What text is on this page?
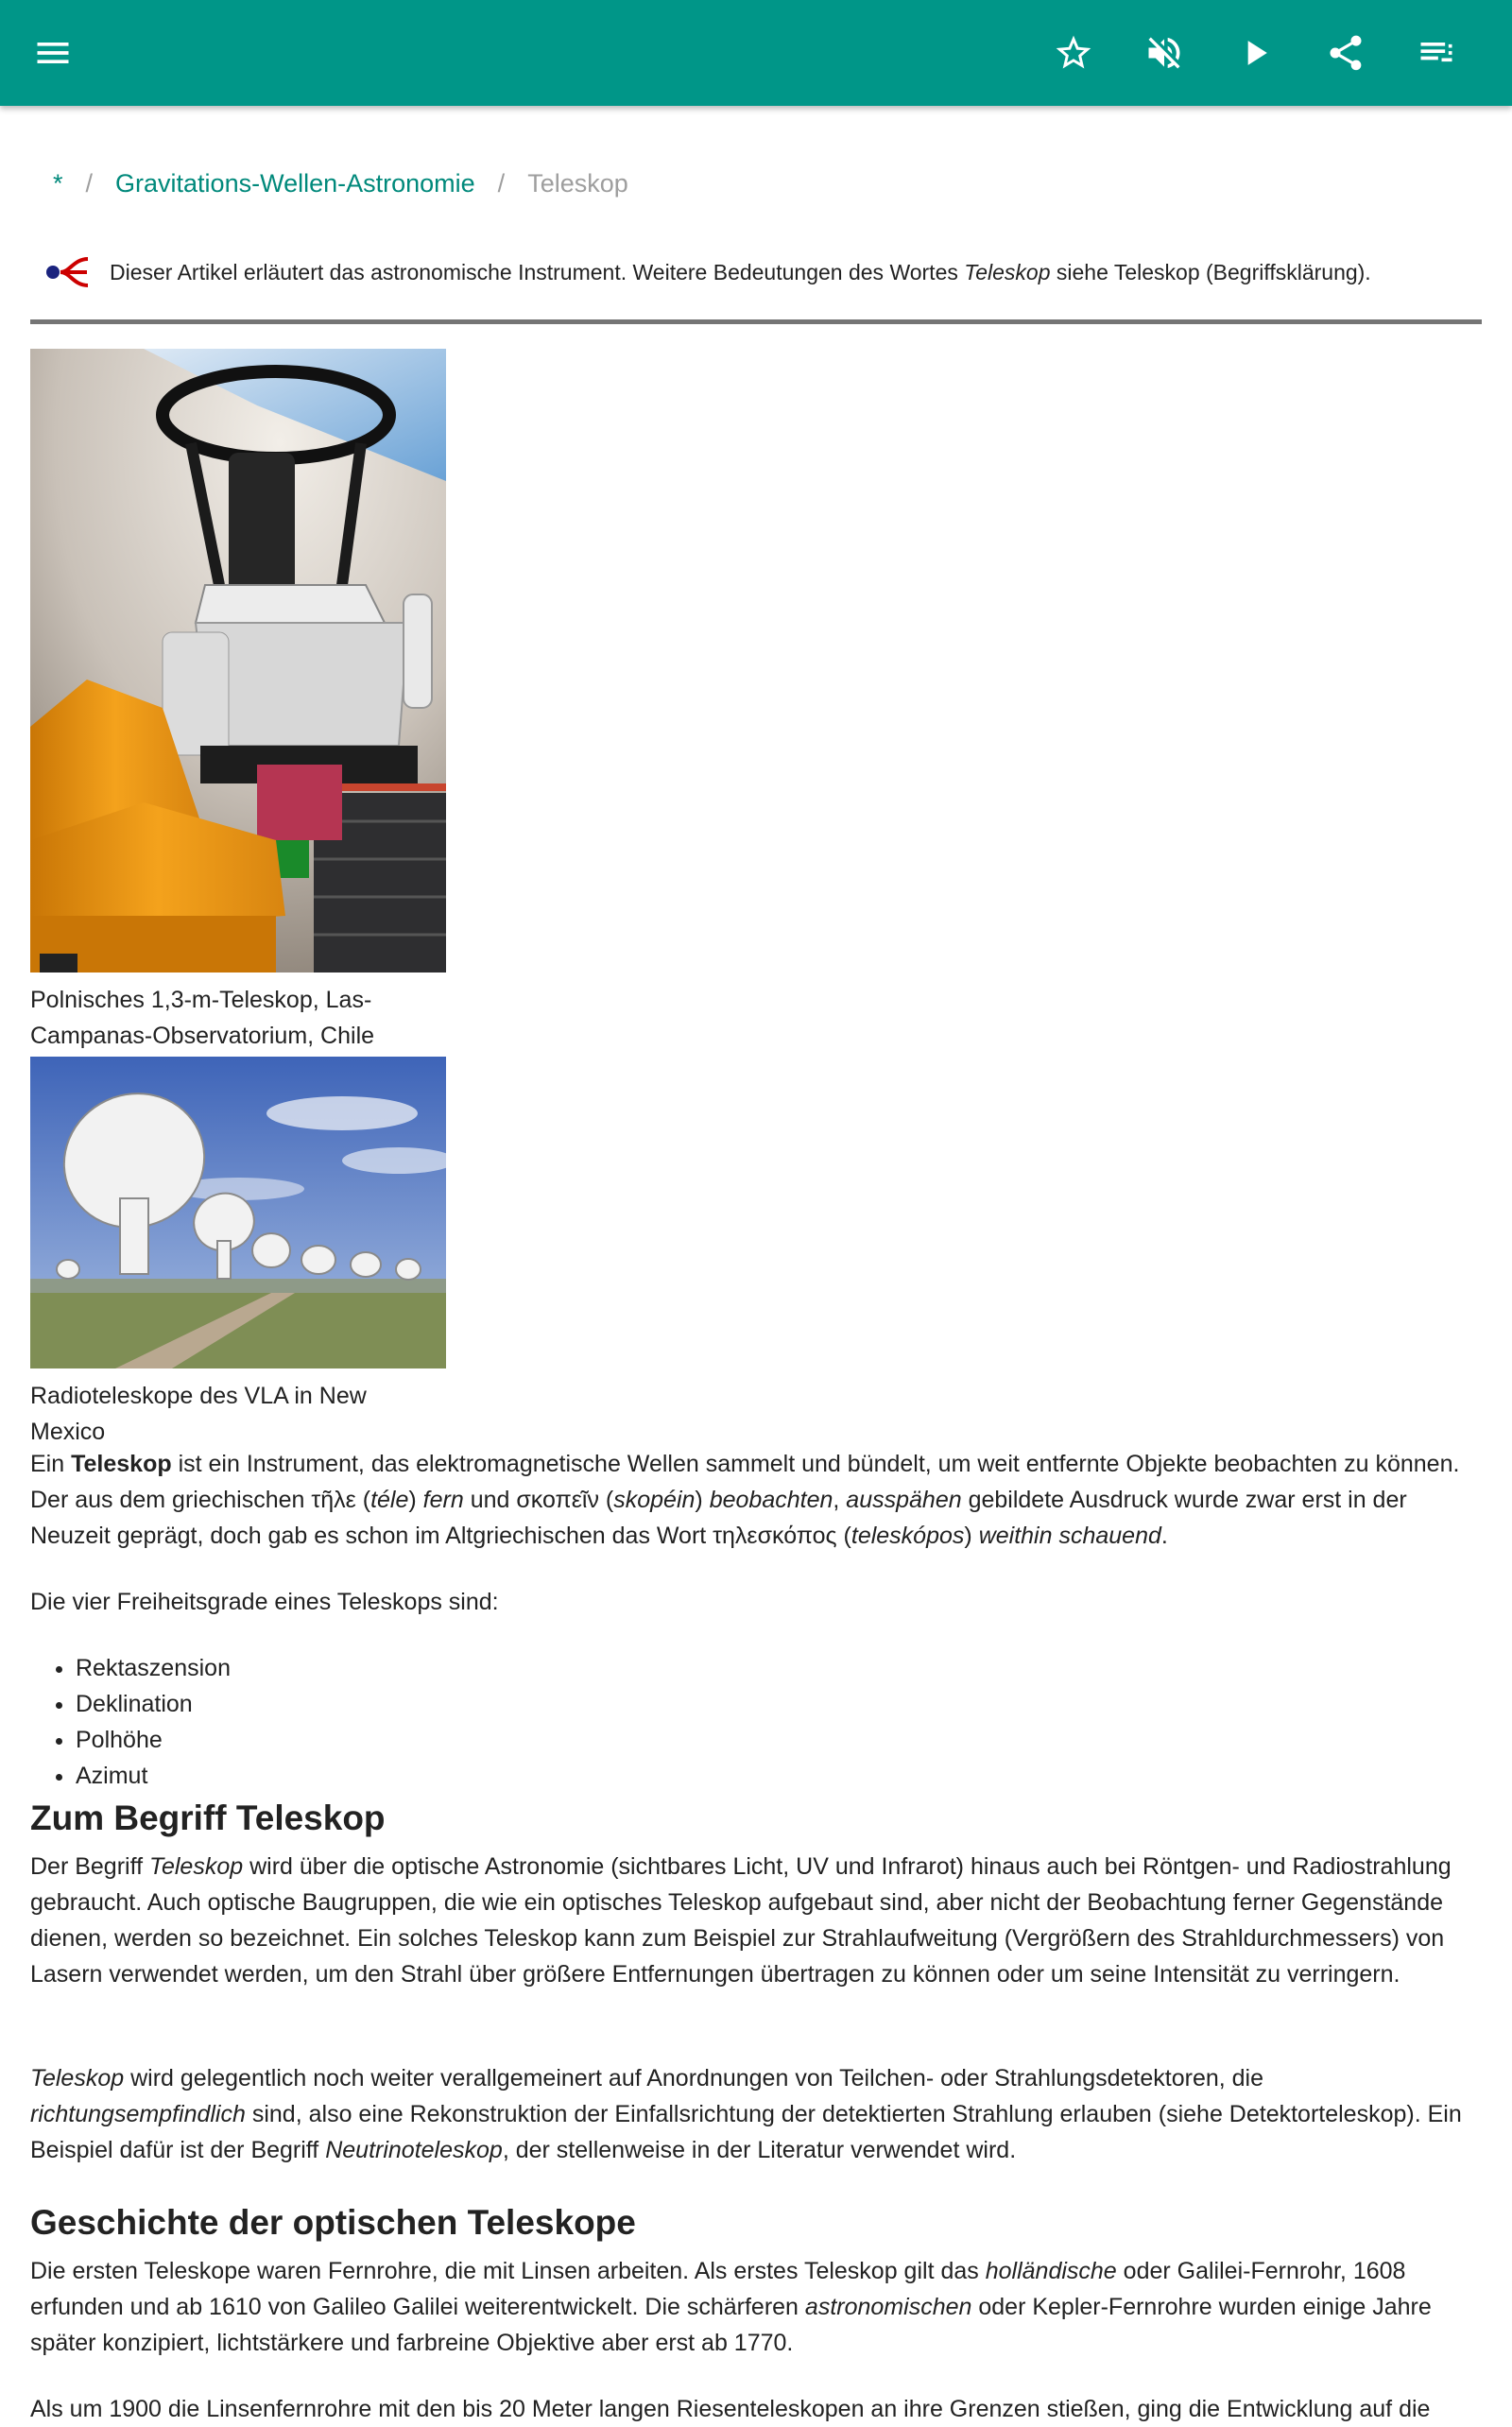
* / Gravitations-Wellen-Astronomie / Teleskop
Dieser Artikel erläutert das astronomische Instrument. Weitere Bedeutungen des Wortes Teleskop siehe Teleskop (Begriffsklärung).
Polnisches 1,3-m-Teleskop, Las-Campanas-Observatorium, Chile
Radioteleskope des VLA in New Mexico

Ein Teleskop ist ein Instrument, das elektromagnetische Wellen sammelt und bündelt, um weit entfernte Objekte beobachten zu können. Der aus dem griechischen τῆλε (téle) fern und σκοπεῖν (skopéin) beobachten, ausspähen gebildete Ausdruck wurde zwar erst in der Neuzeit geprägt, doch gab es schon im Altgriechischen das Wort τηλεσκόπος (teleskópos) weithin schauend.

Die vier Freiheitsgrade eines Teleskops sind:

• Rektaszension
• Deklination
• Polhöhe
• Azimut
Zum Begriff Teleskop

Der Begriff Teleskop wird über die optische Astronomie (sichtbares Licht, UV und Infrarot) hinaus auch bei Röntgen- und Radiostrahlung gebraucht. Auch optische Baugruppen, die wie ein optisches Teleskop aufgebaut sind, aber nicht der Beobachtung ferner Gegenstände dienen, werden so bezeichnet. Ein solches Teleskop kann zum Beispiel zur Strahlaufweitung (Vergrößern des Strahldurchmessers) von Lasern verwendet werden, um den Strahl über größere Entfernungen übertragen zu können oder um seine Intensität zu verringern.

Teleskop wird gelegentlich noch weiter verallgemeinert auf Anordnungen von Teilchen- oder Strahlungsdetektoren, die richtungsempfindlich sind, also eine Rekonstruktion der Einfallsrichtung der detektierten Strahlung erlauben (siehe Detektorteleskop). Ein Beispiel dafür ist der Begriff Neutrinoteleskop, der stellenweise in der Literatur verwendet wird.

Geschichte der optischen Teleskope

Die ersten Teleskope waren Fernrohre, die mit Linsen arbeiten. Als erstes Teleskop gilt das holländische oder Galilei-Fernrohr, 1608 erfunden und ab 1610 von Galileo Galilei weiterentwickelt. Die schärferen astronomischen oder Kepler-Fernrohre wurden einige Jahre später konzipiert, lichtstärkere und farbreine Objektive aber erst ab 1770.

Als um 1900 die Linsenfernrohre mit den bis 20 Meter langen Riesenteleskopen an ihre Grenzen stießen, ging die Entwicklung auf die
